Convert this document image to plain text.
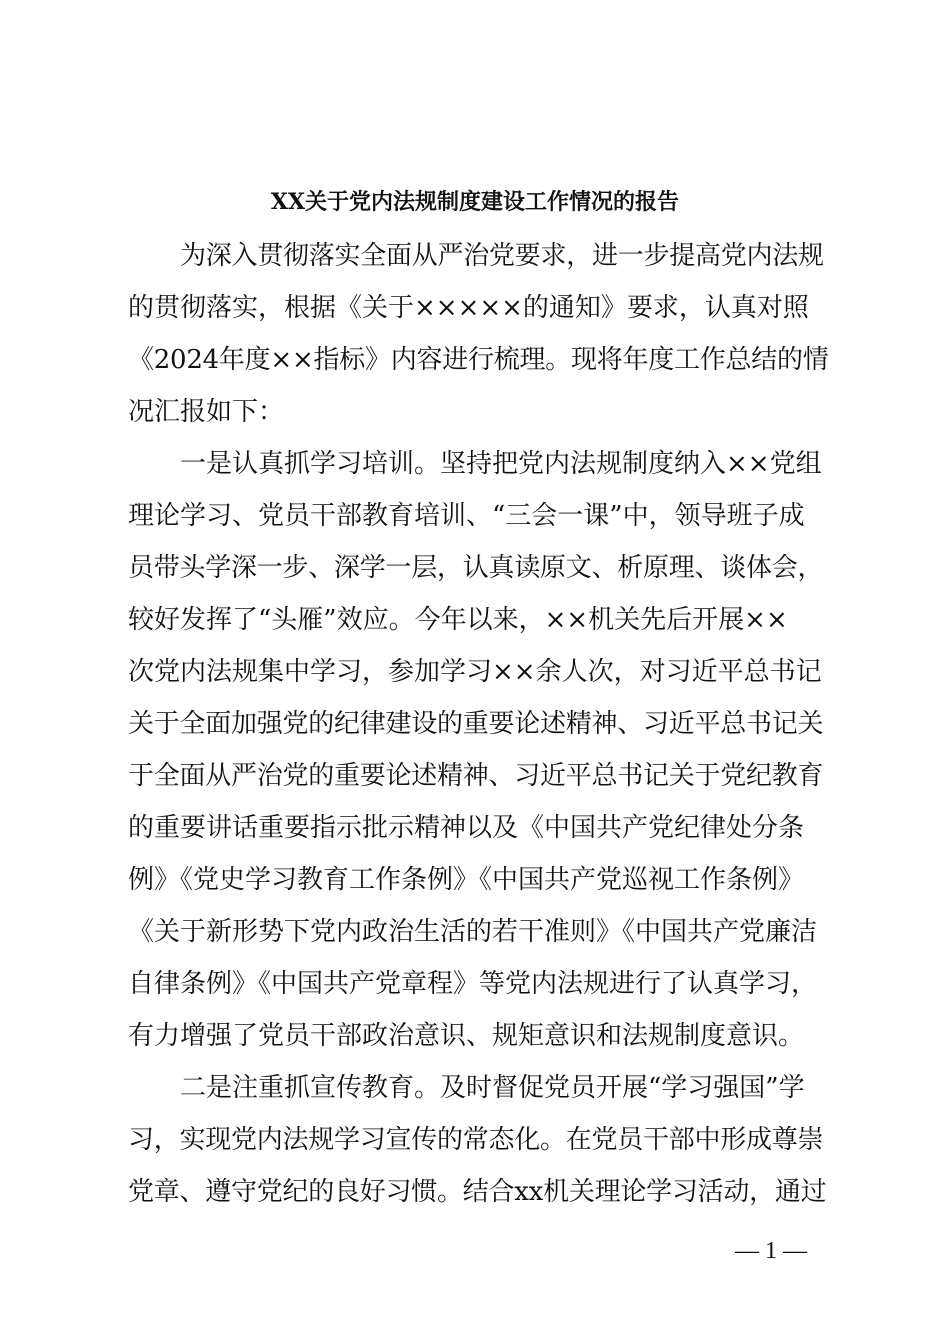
XX关于党内法规制度建设工作情况的报告
为深入贯彻落实全面从严治党要求，进一步提高党内法规
的贯彻落实，根据《关于×××××的通知》要求，认真对照
《2024年度××指标》内容进行梳理。现将年度工作总结的情
况汇报如下：
一是认真抓学习培训。坚持把党内法规制度纳入××党组
理论学习、党员干部教育培训、“三会一课”中，领导班子成
员带头学深一步、深学一层，认真读原文、析原理、谈体会，
较好发挥了“头雁”效应。今年以来，××机关先后开展××
次党内法规集中学习，参加学习××余人次，对习近平总书记
关于全面加强党的纪律建设的重要论述精神、习近平总书记关
于全面从严治党的重要论述精神、习近平总书记关于党纪教育
的重要讲话重要指示批示精神以及《中国共产党纪律处分条
例》《党史学习教育工作条例》《中国共产党巡视工作条例》
《关于新形势下党内政治生活的若干准则》《中国共产党廉洁
自律条例》《中国共产党章程》等党内法规进行了认真学习，
有力增强了党员干部政治意识、规矩意识和法规制度意识。
二是注重抓宣传教育。及时督促党员开展“学习强国”学
习，实现党内法规学习宣传的常态化。在党员干部中形成尊崇
党章、遵守党纪的良好习惯。结合xx机关理论学习活动，通过
— 1 —
